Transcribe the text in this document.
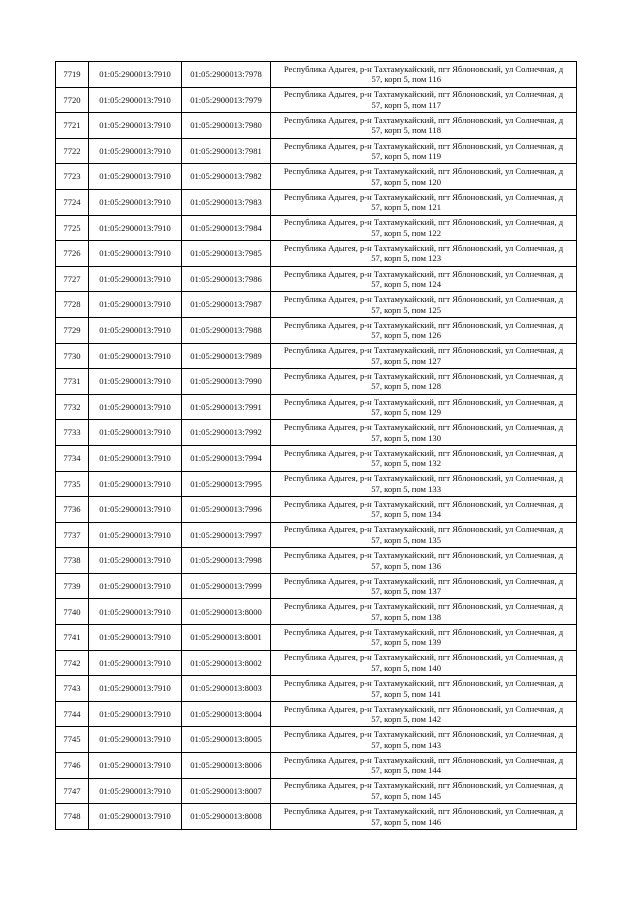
7719	01:05:2900013:7910	01:05:2900013:7978	Республика Адыгея, р-н Тахтамукайский, пгт Яблоновский, ул Солнечная, д
57, корп 5, пом 116

7720	01:05:2900013:7910	01:05:2900013:7979	Республика Адыгея, р-н Тахтамукайский, пгт Яблоновский, ул Солнечная, д
57, корп 5, пом 117

7721	01:05:2900013:7910	01:05:2900013:7980	Республика Адыгея, р-н Тахтамукайский, пгт Яблоновский, ул Солнечная, д
57, корп 5, пом 118

7722	01:05:2900013:7910	01:05:2900013:7981	Республика Адыгея, р-н Тахтамукайский, пгт Яблоновский, ул Солнечная, д
57, корп 5, пом 119

7723	01:05:2900013:7910	01:05:2900013:7982	Республика Адыгея, р-н Тахтамукайский, пгт Яблоновский, ул Солнечная, д
57, корп 5, пом 120

7724	01:05:2900013:7910	01:05:2900013:7983	Республика Адыгея, р-н Тахтамукайский, пгт Яблоновский, ул Солнечная, д
57, корп 5, пом 121

7725	01:05:2900013:7910	01:05:2900013:7984	Республика Адыгея, р-н Тахтамукайский, пгт Яблоновский, ул Солнечная, д
57, корп 5, пом 122

7726	01:05:2900013:7910	01:05:2900013:7985	Республика Адыгея, р-н Тахтамукайский, пгт Яблоновский, ул Солнечная, д
57, корп 5, пом 123

7727	01:05:2900013:7910	01:05:2900013:7986	Республика Адыгея, р-н Тахтамукайский, пгт Яблоновский, ул Солнечная, д
57, корп 5, пом 124

7728	01:05:2900013:7910	01:05:2900013:7987	Республика Адыгея, р-н Тахтамукайский, пгт Яблоновский, ул Солнечная, д
57, корп 5, пом 125

7729	01:05:2900013:7910	01:05:2900013:7988	Республика Адыгея, р-н Тахтамукайский, пгт Яблоновский, ул Солнечная, д
57, корп 5, пом 126

7730	01:05:2900013:7910	01:05:2900013:7989	Республика Адыгея, р-н Тахтамукайский, пгт Яблоновский, ул Солнечная, д
57, корп 5, пом 127

7731	01:05:2900013:7910	01:05:2900013:7990	Республика Адыгея, р-н Тахтамукайский, пгт Яблоновский, ул Солнечная, д
57, корп 5, пом 128

7732	01:05:2900013:7910	01:05:2900013:7991	Республика Адыгея, р-н Тахтамукайский, пгт Яблоновский, ул Солнечная, д
57, корп 5, пом 129

7733	01:05:2900013:7910	01:05:2900013:7992	Республика Адыгея, р-н Тахтамукайский, пгт Яблоновский, ул Солнечная, д
57, корп 5, пом 130

7734	01:05:2900013:7910	01:05:2900013:7994	Республика Адыгея, р-н Тахтамукайский, пгт Яблоновский, ул Солнечная, д
57, корп 5, пом 132

7735	01:05:2900013:7910	01:05:2900013:7995	Республика Адыгея, р-н Тахтамукайский, пгт Яблоновский, ул Солнечная, д
57, корп 5, пом 133

7736	01:05:2900013:7910	01:05:2900013:7996	Республика Адыгея, р-н Тахтамукайский, пгт Яблоновский, ул Солнечная, д
57, корп 5, пом 134

7737	01:05:2900013:7910	01:05:2900013:7997	Республика Адыгея, р-н Тахтамукайский, пгт Яблоновский, ул Солнечная, д
57, корп 5, пом 135

7738	01:05:2900013:7910	01:05:2900013:7998	Республика Адыгея, р-н Тахтамукайский, пгт Яблоновский, ул Солнечная, д
57, корп 5, пом 136

7739	01:05:2900013:7910	01:05:2900013:7999	Республика Адыгея, р-н Тахтамукайский, пгт Яблоновский, ул Солнечная, д
57, корп 5, пом 137

7740	01:05:2900013:7910	01:05:2900013:8000	Республика Адыгея, р-н Тахтамукайский, пгт Яблоновский, ул Солнечная, д
57, корп 5, пом 138

7741	01:05:2900013:7910	01:05:2900013:8001	Республика Адыгея, р-н Тахтамукайский, пгт Яблоновский, ул Солнечная, д
57, корп 5, пом 139

7742	01:05:2900013:7910	01:05:2900013:8002	Республика Адыгея, р-н Тахтамукайский, пгт Яблоновский, ул Солнечная, д
57, корп 5, пом 140

7743	01:05:2900013:7910	01:05:2900013:8003	Республика Адыгея, р-н Тахтамукайский, пгт Яблоновский, ул Солнечная, д
57, корп 5, пом 141

7744	01:05:2900013:7910	01:05:2900013:8004	Республика Адыгея, р-н Тахтамукайский, пгт Яблоновский, ул Солнечная, д
57, корп 5, пом 142

7745	01:05:2900013:7910	01:05:2900013:8005	Республика Адыгея, р-н Тахтамукайский, пгт Яблоновский, ул Солнечная, д
57, корп 5, пом 143

7746	01:05:2900013:7910	01:05:2900013:8006	Республика Адыгея, р-н Тахтамукайский, пгт Яблоновский, ул Солнечная, д
57, корп 5, пом 144

7747	01:05:2900013:7910	01:05:2900013:8007	Республика Адыгея, р-н Тахтамукайский, пгт Яблоновский, ул Солнечная, д
57, корп 5, пом 145

7748	01:05:2900013:7910	01:05:2900013:8008	Республика Адыгея, р-н Тахтамукайский, пгт Яблоновский, ул Солнечная, д
57, корп 5, пом 146
